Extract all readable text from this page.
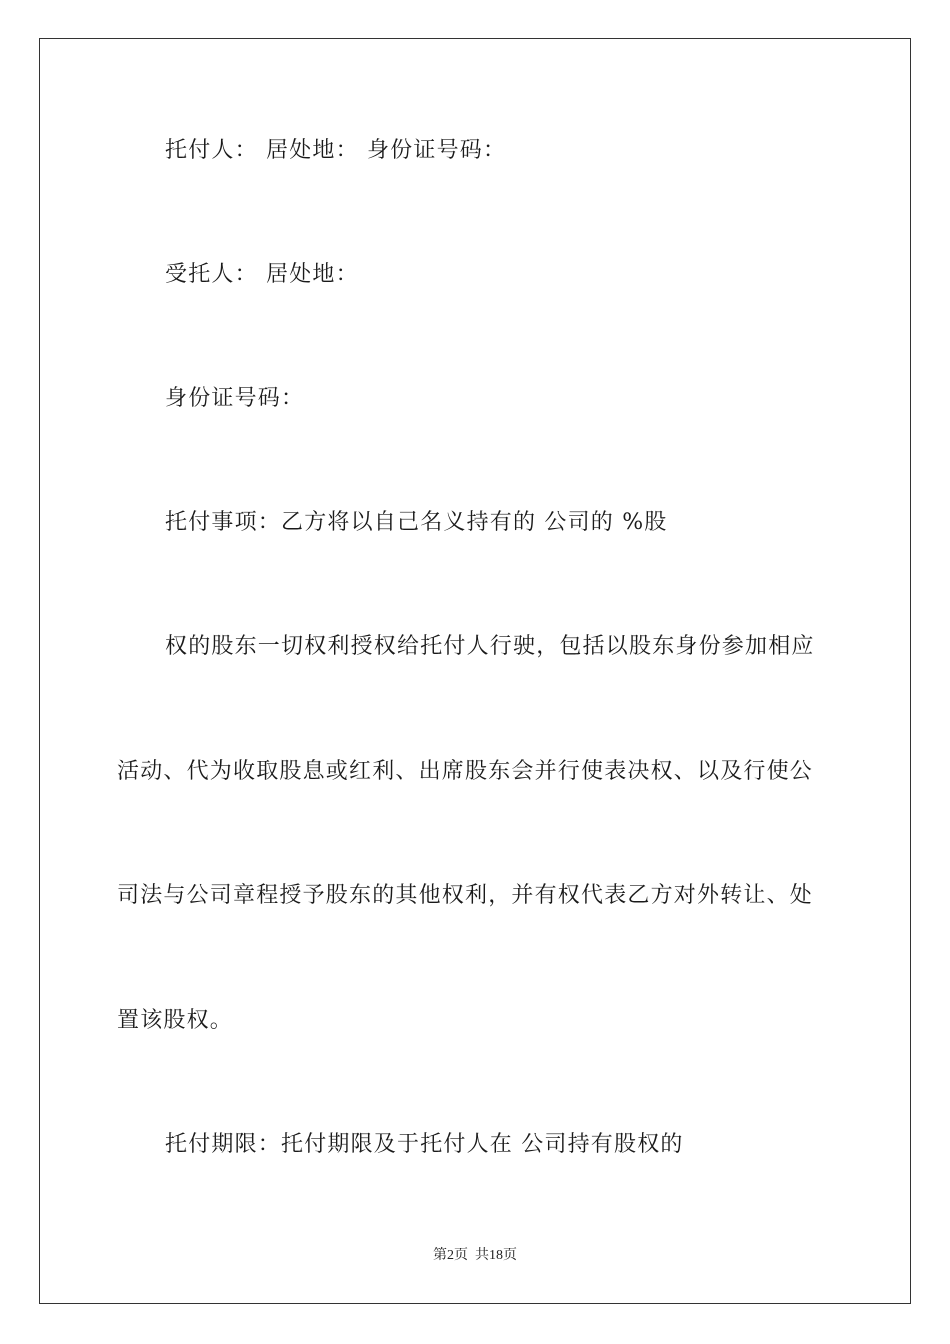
托付人： 居处地： 身份证号码：
受托人： 居处地：
身份证号码：
托付事项：乙方将以自己名义持有的 公司的 %股
权的股东一切权利授权给托付人行驶，包括以股东身份参加相应
活动、代为收取股息或红利、出席股东会并行使表决权、以及行使公
司法与公司章程授予股东的其他权利，并有权代表乙方对外转让、处
置该股权。
托付期限：托付期限及于托付人在 公司持有股权的
第2页  共18页
